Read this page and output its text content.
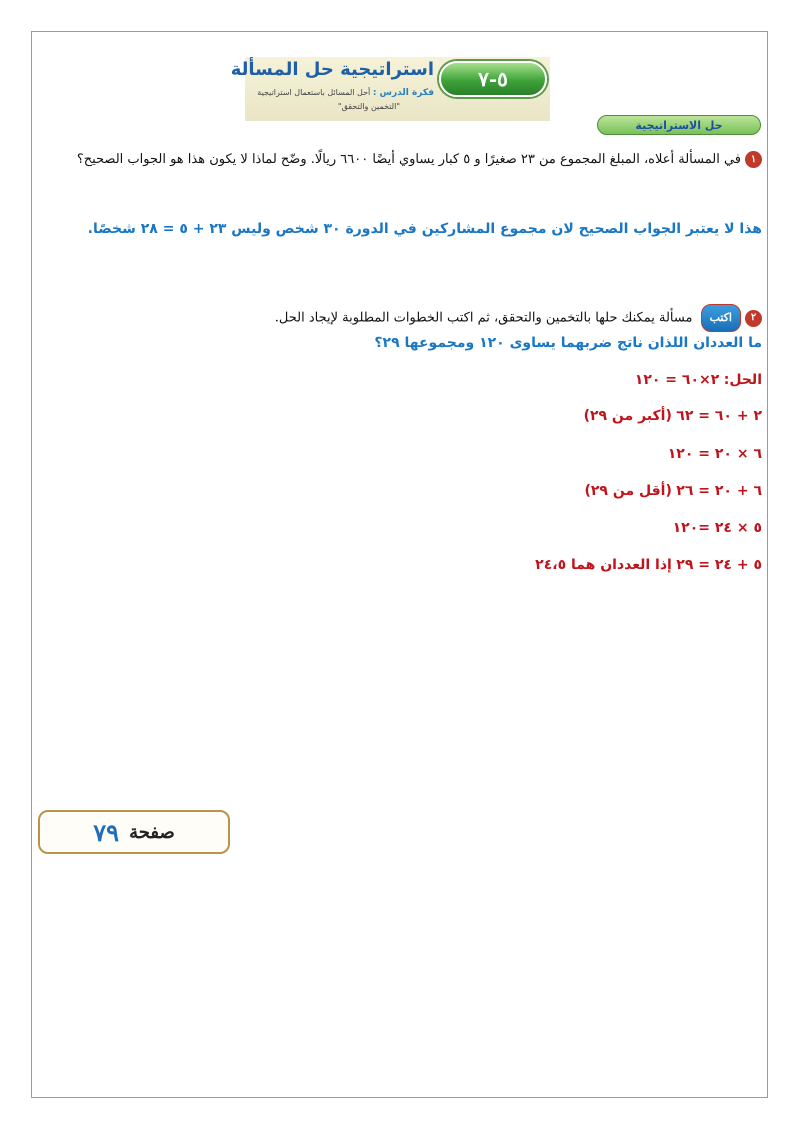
٥-٧
استراتيجية حل المسألة
فكرة الدرس : أحل المسائل باستعمال استراتيجية
"التخمين والتحقق"
حل الاستراتيجية
١في المسألة أعلاه، المبلغ المجموع من ٢٣ صغيرًا و ٥ كبار يساوي أيضًا ٦٦٠٠ ريالًا. وضّح لماذا لا يكون هذا هو الجواب الصحيح؟
هذا لا يعتبر الجواب الصحيح لان مجموع المشاركين في الدورة ٣٠ شخص وليس ٢٣ + ٥ = ٢٨ شخصًا.
٢اكتب مسألة يمكنك حلها بالتخمين والتحقق، ثم اكتب الخطوات المطلوبة لإيجاد الحل.
ما العددان اللذان ناتج ضربهما يساوى ١٢٠ ومجموعها ٢٩؟
الحل: ٢×٦٠ = ١٢٠
٢ + ٦٠ = ٦٢ (أكبر من ٢٩)
٦ × ٢٠ = ١٢٠
٦ + ٢٠ = ٢٦ (أقل من ٢٩)
٥ × ٢٤ =١٢٠
٥ + ٢٤ = ٢٩ إذا العددان هما ٢٤،٥
صفحة
٧٩
